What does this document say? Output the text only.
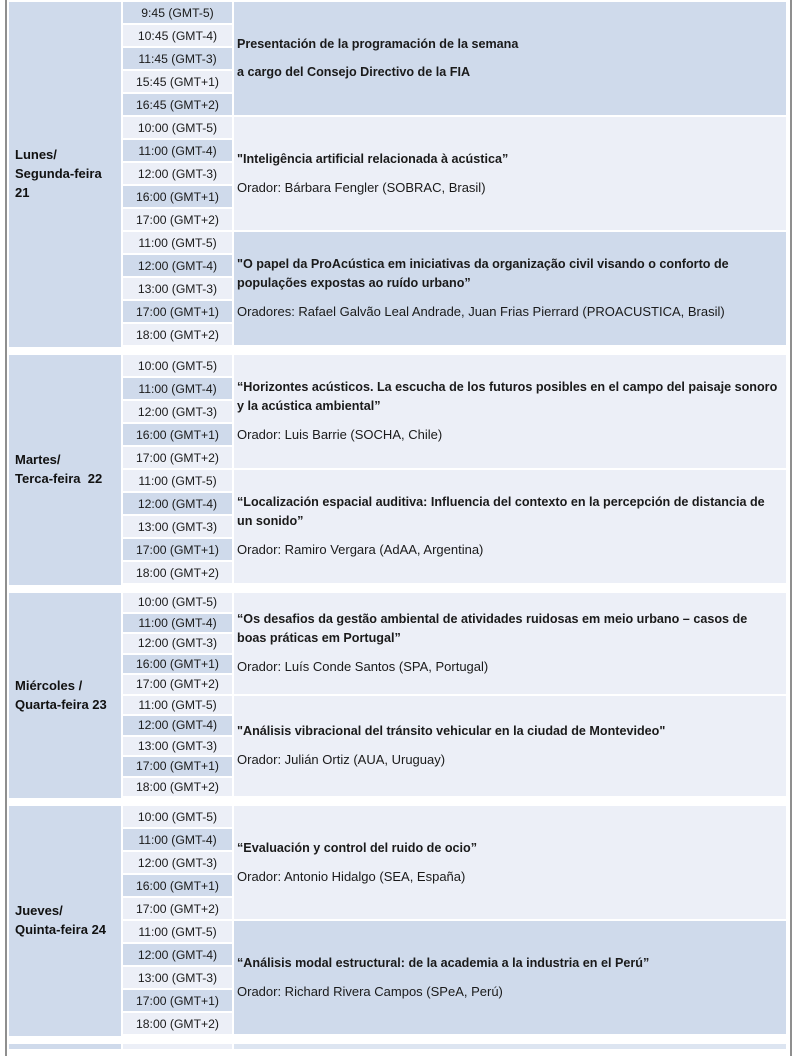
Lunes/
Segunda-feira  21
9:45 (GMT-5)
10:45 (GMT-4)
11:45 (GMT-3)
15:45 (GMT+1)
16:45 (GMT+2)
Presentación de la programación de la semana
a cargo del Consejo Directivo de la FIA
10:00 (GMT-5)
11:00 (GMT-4)
12:00 (GMT-3)
16:00 (GMT+1)
17:00 (GMT+2)
"Inteligência artificial relacionada à acústica”
Orador: Bárbara Fengler (SOBRAC, Brasil)
11:00 (GMT-5)
12:00 (GMT-4)
13:00 (GMT-3)
17:00 (GMT+1)
18:00 (GMT+2)
"O papel da ProAcústica em iniciativas da organização civil visando o conforto de populações expostas ao ruído urbano”
Oradores: Rafael Galvão Leal Andrade, Juan Frias Pierrard (PROACUSTICA, Brasil)
Martes/
Terca-feira  22
10:00 (GMT-5)
11:00 (GMT-4)
12:00 (GMT-3)
16:00 (GMT+1)
17:00 (GMT+2)
“Horizontes acústicos. La escucha de los futuros posibles en el campo del paisaje sonoro y la acústica ambiental”
Orador: Luis Barrie (SOCHA, Chile)
11:00 (GMT-5)
12:00 (GMT-4)
13:00 (GMT-3)
17:00 (GMT+1)
18:00 (GMT+2)
“Localización espacial auditiva: Influencia del contexto en la percepción de distancia de un sonido”
Orador: Ramiro Vergara (AdAA, Argentina)
Miércoles /
Quarta-feira 23
10:00 (GMT-5)
11:00 (GMT-4)
12:00 (GMT-3)
16:00 (GMT+1)
17:00 (GMT+2)
“Os desafios da gestão ambiental de atividades ruidosas em meio urbano – casos de boas práticas em Portugal”
Orador: Luís Conde Santos (SPA, Portugal)
11:00 (GMT-5)
12:00 (GMT-4)
13:00 (GMT-3)
17:00 (GMT+1)
18:00 (GMT+2)
"Análisis vibracional del tránsito vehicular en la ciudad de Montevideo"
Orador: Julián Ortiz (AUA, Uruguay)
Jueves/
Quinta-feira 24
10:00 (GMT-5)
11:00 (GMT-4)
12:00 (GMT-3)
16:00 (GMT+1)
17:00 (GMT+2)
“Evaluación y control del ruido de ocio”
Orador: Antonio Hidalgo (SEA, España)
11:00 (GMT-5)
12:00 (GMT-4)
13:00 (GMT-3)
17:00 (GMT+1)
18:00 (GMT+2)
“Análisis modal estructural: de la academia a la industria en el Perú”
Orador: Richard Rivera Campos (SPeA, Perú)
